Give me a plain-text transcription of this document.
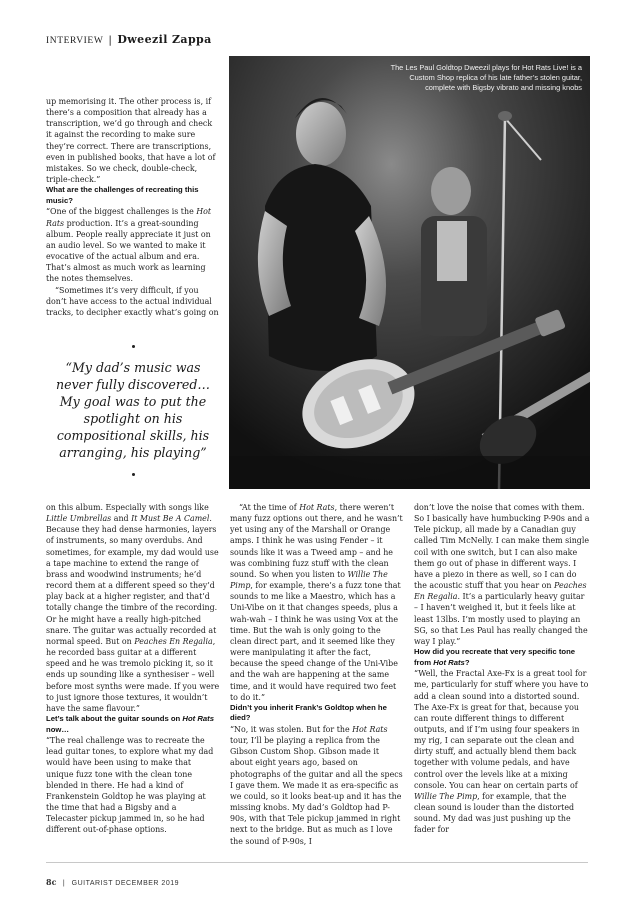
INTERVIEW | Dweezil Zappa
The Les Paul Goldtop Dweezil plays for Hot Rats Live! is a Custom Shop replica of his late father’s stolen guitar, complete with Bigsby vibrato and missing knobs

up memorising it. The other process is, if there’s a composition that already has a transcription, we’d go through and check it against the recording to make sure they’re correct. There are transcriptions, even in published books, that have a lot of mistakes. So we check, double-check, triple-check.”

What are the challenges of recreating this music?

“One of the biggest challenges is the Hot Rats production. It’s a great-sounding album. People really appreciate it just on an audio level. So we wanted to make it evocative of the actual album and era. That’s almost as much work as learning the notes themselves.

“Sometimes it’s very difficult, if you don’t have access to the actual individual tracks, to decipher exactly what’s going on

“My dad’s music was never fully discovered… My goal was to put the spotlight on his compositional skills, his arranging, his playing”

on this album. Especially with songs like Little Umbrellas and It Must Be A Camel. Because they had dense harmonies, layers of instruments, so many overdubs. And sometimes, for example, my dad would use a tape machine to extend the range of brass and woodwind instruments; he’d record them at a different speed so they’d play back at a higher register, and that’d totally change the timbre of the recording. Or he might have a really high-pitched snare. The guitar was actually recorded at normal speed. But on Peaches En Regalia, he recorded bass guitar at a different speed and he was tremolo picking it, so it ends up sounding like a synthesiser – well before most synths were made. If you were to just ignore those textures, it wouldn’t have the same flavour.”

Let’s talk about the guitar sounds on Hot Rats now…

“The real challenge was to recreate the lead guitar tones, to explore what my dad would have been using to make that unique fuzz tone with the clean tone blended in there. He had a kind of Frankenstein Goldtop he was playing at the time that had a Bigsby and a Telecaster pickup jammed in, so he had different out-of-phase options.

“At the time of Hot Rats, there weren’t many fuzz options out there, and he wasn’t yet using any of the Marshall or Orange amps. I think he was using Fender – it sounds like it was a Tweed amp – and he was combining fuzz stuff with the clean sound. So when you listen to Willie The Pimp, for example, there’s a fuzz tone that sounds to me like a Maestro, which has a Uni-Vibe on it that changes speeds, plus a wah-wah – I think he was using Vox at the time. But the wah is only going to the clean direct part, and it seemed like they were manipulating it after the fact, because the speed change of the Uni-Vibe and the wah are happening at the same time, and it would have required two feet to do it.”

Didn’t you inherit Frank’s Goldtop when he died?

“No, it was stolen. But for the Hot Rats tour, I’ll be playing a replica from the Gibson Custom Shop. Gibson made it about eight years ago, based on photographs of the guitar and all the specs I gave them. We made it as era-specific as we could, so it looks beat-up and it has the missing knobs. My dad’s Goldtop had P-90s, with that Tele pickup jammed in right next to the bridge. But as much as I love the sound of P-90s, I

don’t love the noise that comes with them. So I basically have humbucking P-90s and a Tele pickup, all made by a Canadian guy called Tim McNelly. I can make them single coil with one switch, but I can also make them go out of phase in different ways. I have a piezo in there as well, so I can do the acoustic stuff that you hear on Peaches En Regalia. It’s a particularly heavy guitar – I haven’t weighed it, but it feels like at least 13lbs. I’m mostly used to playing an SG, so that Les Paul has really changed the way I play.”

How did you recreate that very specific tone from Hot Rats?

“Well, the Fractal Axe-Fx is a great tool for me, particularly for stuff where you have to add a clean sound into a distorted sound. The Axe-Fx is great for that, because you can route different things to different outputs, and if I’m using four speakers in my rig, I can separate out the clean and dirty stuff, and actually blend them back together with volume pedals, and have control over the levels like at a mixing console. You can hear on certain parts of Willie The Pimp, for example, that the clean sound is louder than the distorted sound. My dad was just pushing up the fader for

8c | GUITARIST DECEMBER 2019
